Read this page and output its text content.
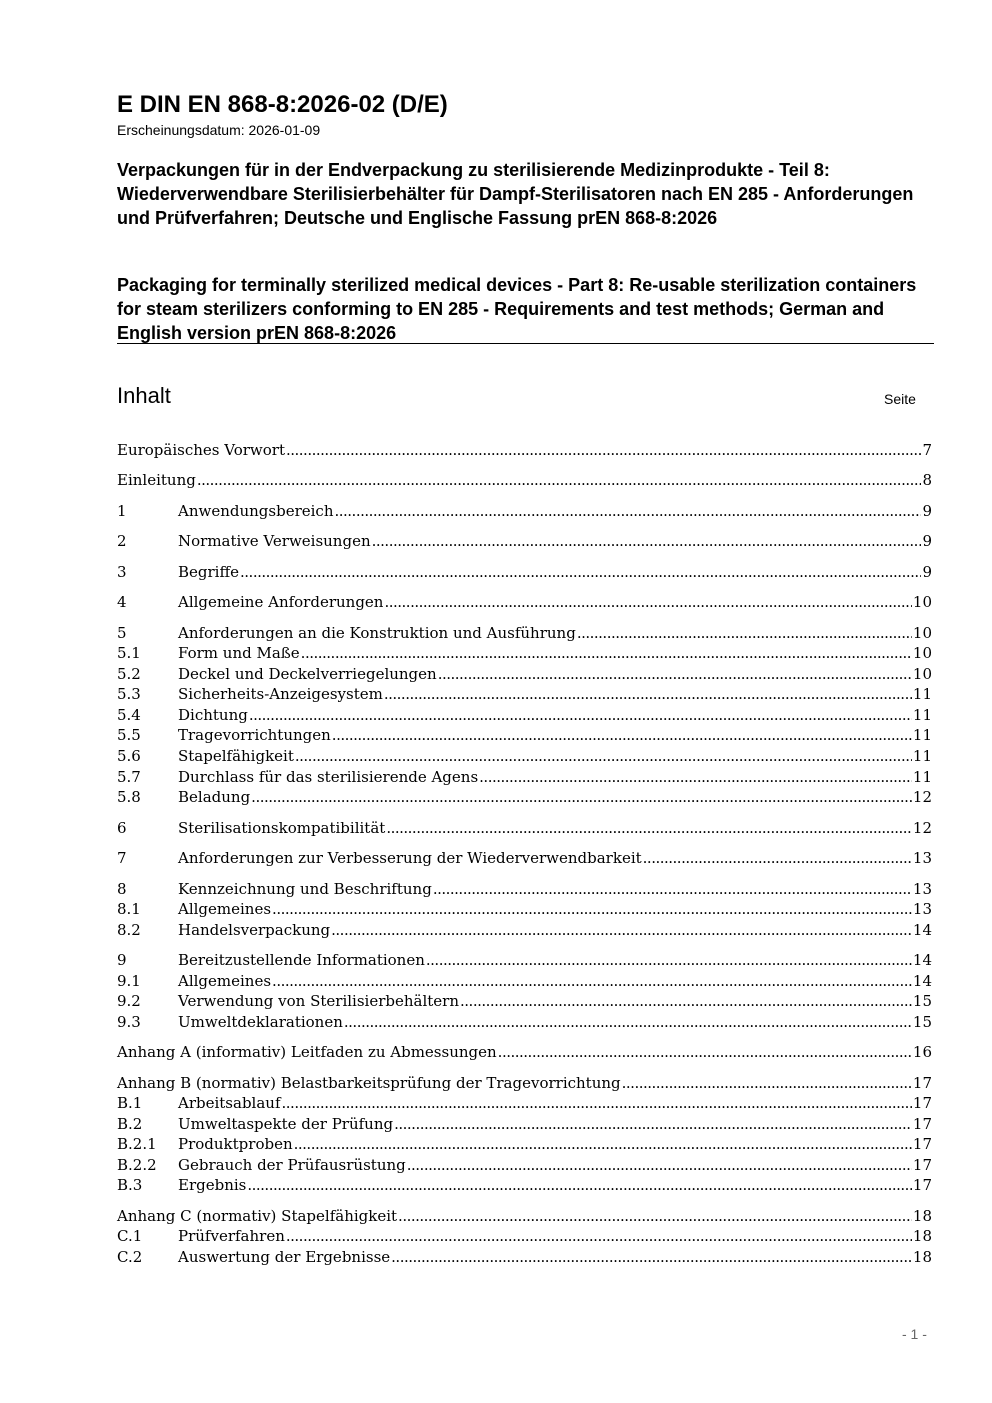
E DIN EN 868-8:2026-02 (D/E)
Erscheinungsdatum: 2026-01-09
Verpackungen für in der Endverpackung zu sterilisierende Medizinprodukte - Teil 8: Wiederverwendbare Sterilisierbehälter für Dampf-Sterilisatoren nach EN 285 - Anforderungen und Prüfverfahren; Deutsche und Englische Fassung prEN 868-8:2026
Packaging for terminally sterilized medical devices - Part 8: Re-usable sterilization containers for steam sterilizers conforming to EN 285 - Requirements and test methods; German and English version prEN 868-8:2026
Inhalt	Seite
Europäisches Vorwort .....	7
Einleitung .....	8
1	Anwendungsbereich .....	9
2	Normative Verweisungen .....	9
3	Begriffe .....	9
4	Allgemeine Anforderungen .....	10
5	Anforderungen an die Konstruktion und Ausführung .....	10
5.1	Form und Maße .....	10
5.2	Deckel und Deckelverriegelungen .....	10
5.3	Sicherheits-Anzeigesystem .....	11
5.4	Dichtung .....	11
5.5	Tragevorrichtungen .....	11
5.6	Stapelfähigkeit .....	11
5.7	Durchlass für das sterilisierende Agens .....	11
5.8	Beladung .....	12
6	Sterilisationskompatibilität .....	12
7	Anforderungen zur Verbesserung der Wiederverwendbarkeit .....	13
8	Kennzeichnung und Beschriftung .....	13
8.1	Allgemeines .....	13
8.2	Handelsverpackung .....	14
9	Bereitzustellende Informationen .....	14
9.1	Allgemeines .....	14
9.2	Verwendung von Sterilisierbehältern .....	15
9.3	Umweltdeklarationen .....	15
Anhang A (informativ) Leitfaden zu Abmessungen .....	16
Anhang B (normativ) Belastbarkeitsprüfung der Tragevorrichtung .....	17
B.1	Arbeitsablauf .....	17
B.2	Umweltaspekte der Prüfung .....	17
B.2.1	Produktproben .....	17
B.2.2	Gebrauch der Prüfausrüstung .....	17
B.3	Ergebnis .....	17
Anhang C (normativ) Stapelfähigkeit .....	18
C.1	Prüfverfahren .....	18
C.2	Auswertung der Ergebnisse .....	18
- 1 -
